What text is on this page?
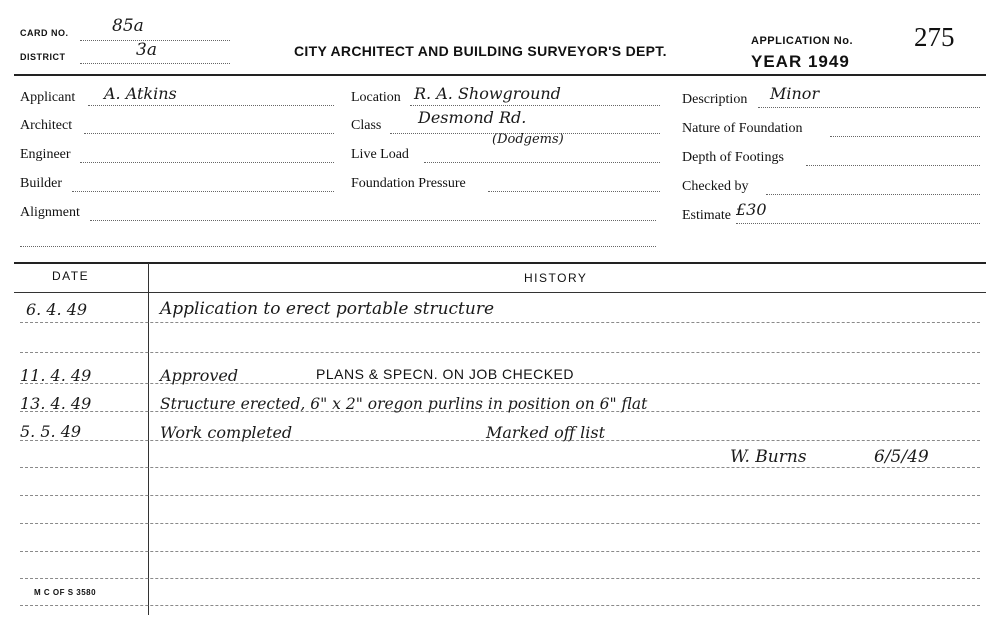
CARD NO.	85a
DISTRICT	3a	CITY ARCHITECT AND BUILDING SURVEYOR'S DEPT.
APPLICATION No. 275
YEAR 1949
Applicant A. Atkins
Architect
Engineer
Builder
Alignment
Location R. A. Showground
Class Desmond Rd.
(Dodgems)
Live Load
Foundation Pressure
Description Minor
Nature of Foundation
Depth of Footings
Checked by
Estimate £30
DATE	HISTORY
6. 4. 49	Application to erect portable structure
11. 4. 49	Approved	PLANS & SPECN. ON JOB CHECKED
13. 4. 49	Structure erected, 6" x 2" oregon purlins in position on 6" flat
5. 5. 49	Work completed	Marked off list
W. Burns	6/5/49
M C OF S 3580
